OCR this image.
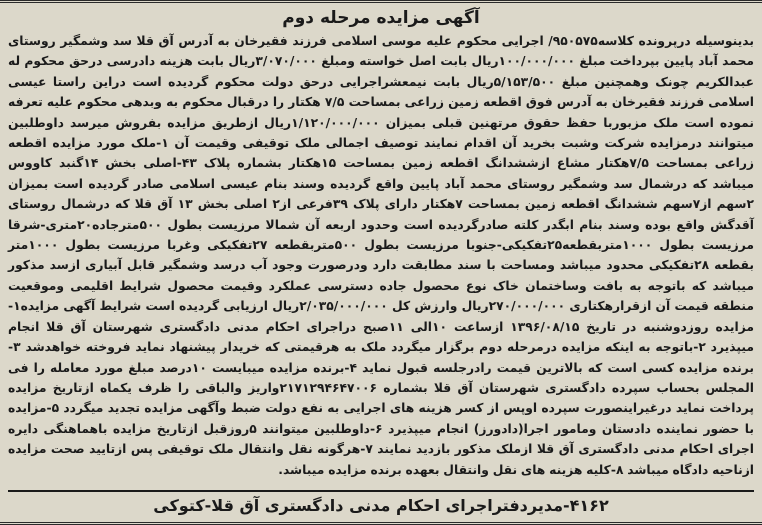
آگهی مزایده مرحله دوم

بدینوسیله درپرونده کلاسه۹۵۰۵۷۵/ اجرایی محکوم علیه موسی اسلامی فرزند فقیرخان به آدرس آق قلا سد وشمگیر روستای محمد آباد پایین بپرداخت مبلغ ۱۰۰/۰۰۰/۰۰۰ریال بابت اصل خواسته ومبلغ ۳/۰۷۰/۰۰۰ریال بابت هزینه دادرسی درحق محکوم له عبدالکریم چونک وهمچنین مبلغ ۵/۱۵۳/۵۰۰ریال بابت نیمعشراجرایی درحق دولت محکوم گردیده است دراین راستا عیسی اسلامی فرزند فقیرخان به آدرس فوق اقطعه زمین زراعی بمساحت ۷/۵ هکتار را درقبال محکوم به وبدهی محکوم علیه تعرفه نموده است ملک مزبوربا حفظ حقوق مرتهنین قبلی بمیزان ۱/۱۲۰/۰۰۰/۰۰۰ریال ازطریق مزایده بفروش میرسد داوطلبین میتوانند درمزایده شرکت وشبت بخرید آن اقدام نمایند توصیف اجمالی ملک توقیفی وقیمت آن ۱-ملک مورد مزایده اقطعه زراعی بمساحت ۷/۵هکتار مشاع ازششدانگ اقطعه زمین بمساحت ۱۵هکتار بشماره پلاک ۴۳-اصلی بخش ۱۴گنبد کاووس میباشد که درشمال سد وشمگیر روستای محمد آباد پایین واقع گردیده وسند بنام عیسی اسلامی صادر گردیده است بمیزان ۲سهم از۷سهم ششدانگ اقطعه زمین بمساحت ۷هکتار دارای پلاک ۳۹فرعی از۲ اصلی بخش ۱۳ آق قلا که درشمال روستای آقدگش واقع بوده وسند بنام ابگدر کلته صادرگردیده است وحدود اربعه آن شمالا مرزیست بطول ۵۰۰مترجاده۲۰متری-شرقا مرزیست بطول ۱۰۰۰متربقطعه۲۵تفکیکی-جنوبا مرزیست بطول ۵۰۰متربقطعه ۲۷تفکیکی وغربا مرزیست بطول ۱۰۰۰متر بقطعه ۲۸تفکیکی محدود میباشد ومساحت با سند مطابقت دارد ودرصورت وجود آب درسد وشمگیر قابل آبیاری ازسد مذکور میباشد که باتوجه به بافت وساختمان خاک نوع محصول جاده دسترسی عملکرد وقیمت محصول شرایط اقلیمی وموقعیت منطقه قیمت آن ازقرارهکتاری ۲۷۰/۰۰۰/۰۰۰ریال وارزش کل ۲/۰۳۵/۰۰۰/۰۰۰ریال ارزیابی گردیده است شرایط آگهی مزایده۱-مزایده روزدوشنبه در تاریخ ۱۳۹۶/۰۸/۱۵ ازساعت ۱۰الی ۱۱صبح دراجرای احکام مدنی دادگستری شهرستان آق قلا انجام میپذیرد ۲-باتوجه به اینکه مزایده درمرحله دوم برگزار میگردد ملک به هرقیمتی که خریدار پیشنهاد نماید فروخته خواهدشد ۳-برنده مزایده کسی است که بالاترین قیمت رادرجلسه قبول نماید ۴-برنده مزایده میبایست ۱۰درصد مبلغ مورد معامله را فی المجلس بحساب سپرده دادگستری شهرستان آق قلا بشماره ۲۱۷۱۲۹۴۶۴۷۰۰۶واریز والباقی را ظرف یکماه ازتاریخ مزایده پرداخت نماید درغیراینصورت سپرده اوپس از کسر هزینه های اجرایی به نفع دولت ضبط وآگهی مزایده تجدید میگردد ۵-مزایده با حضور نماینده دادستان ومامور اجرا(دادورز) انجام میپذیرد ۶-داوطلبین میتوانند ۵روزقبل ازتاریخ مزایده باهماهنگی دایره اجرای احکام مدنی دادگستری آق قلا ازملک مذکور بازدید نمایند ۷-هرگونه نقل وانتقال ملک توقیفی پس ازتایید صحت مزایده ازناحیه دادگاه میباشد ۸-کلیه هزینه های نقل وانتقال بعهده برنده مزایده میباشد.

۴۱۶۲-مدیردفتراجرای احکام مدنی دادگستری آق قلا-کتوکی
